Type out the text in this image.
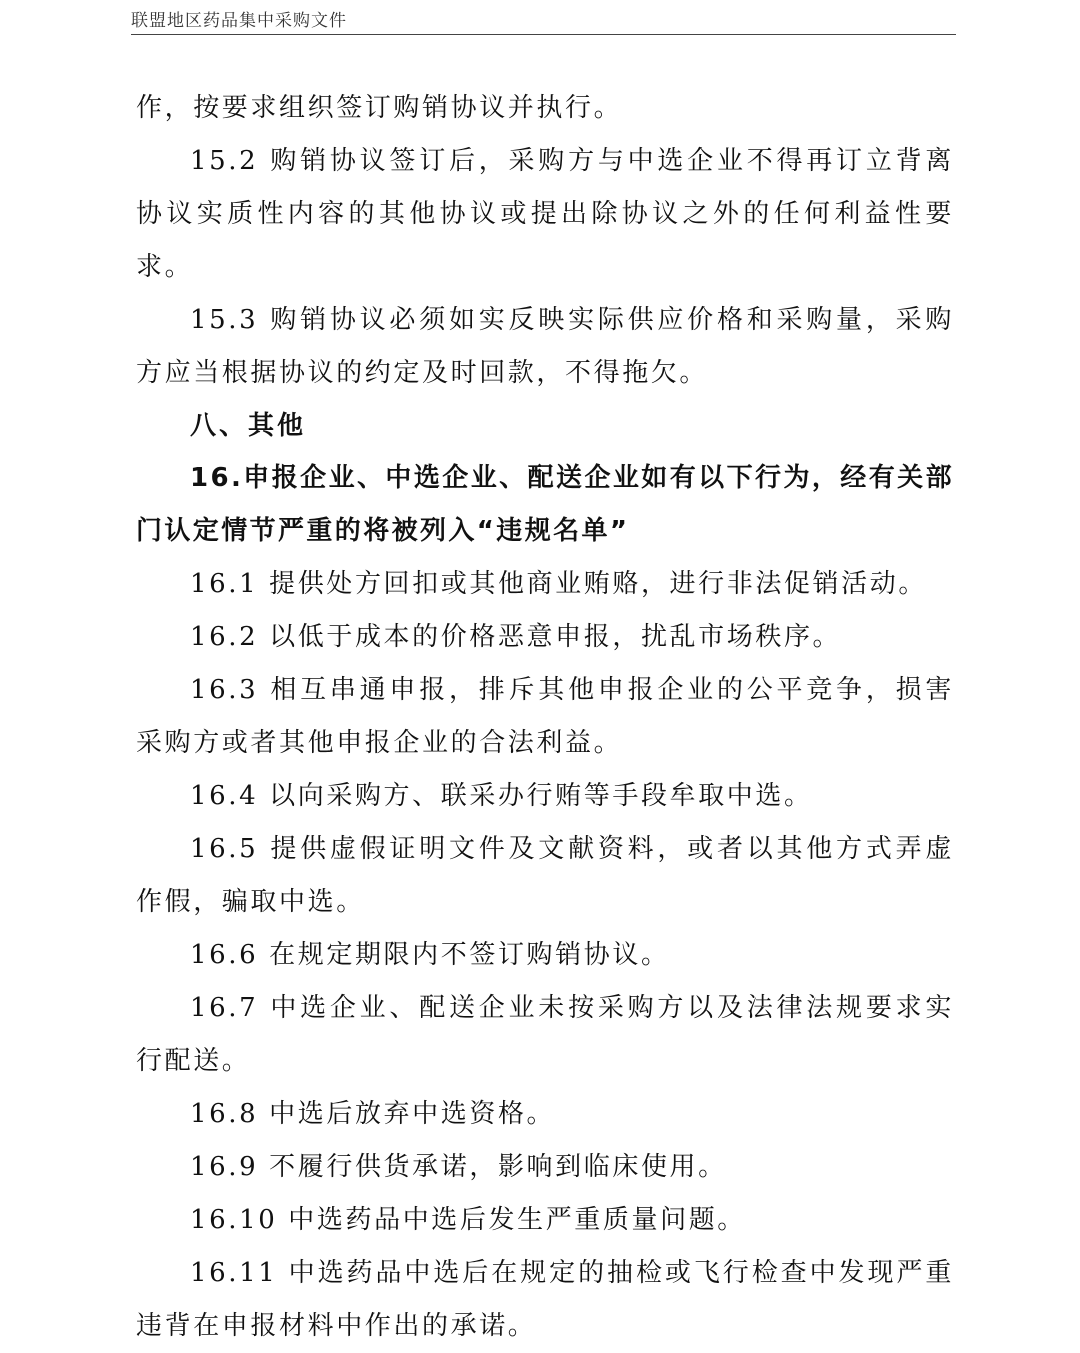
联盟地区药品集中采购文件

作，按要求组织签订购销协议并执行。

15.2 购销协议签订后，采购方与中选企业不得再订立背离协议实质性内容的其他协议或提出除协议之外的任何利益性要求。

15.3 购销协议必须如实反映实际供应价格和采购量，采购方应当根据协议的约定及时回款，不得拖欠。

八、其他

16.申报企业、中选企业、配送企业如有以下行为，经有关部门认定情节严重的将被列入“违规名单”

16.1 提供处方回扣或其他商业贿赂，进行非法促销活动。

16.2 以低于成本的价格恶意申报，扰乱市场秩序。

16.3 相互串通申报，排斥其他申报企业的公平竞争，损害采购方或者其他申报企业的合法利益。

16.4 以向采购方、联采办行贿等手段牟取中选。

16.5 提供虚假证明文件及文献资料，或者以其他方式弄虚作假，骗取中选。

16.6 在规定期限内不签订购销协议。

16.7 中选企业、配送企业未按采购方以及法律法规要求实行配送。

16.8 中选后放弃中选资格。

16.9 不履行供货承诺，影响到临床使用。

16.10 中选药品中选后发生严重质量问题。

16.11 中选药品中选后在规定的抽检或飞行检查中发现严重违背在申报材料中作出的承诺。
